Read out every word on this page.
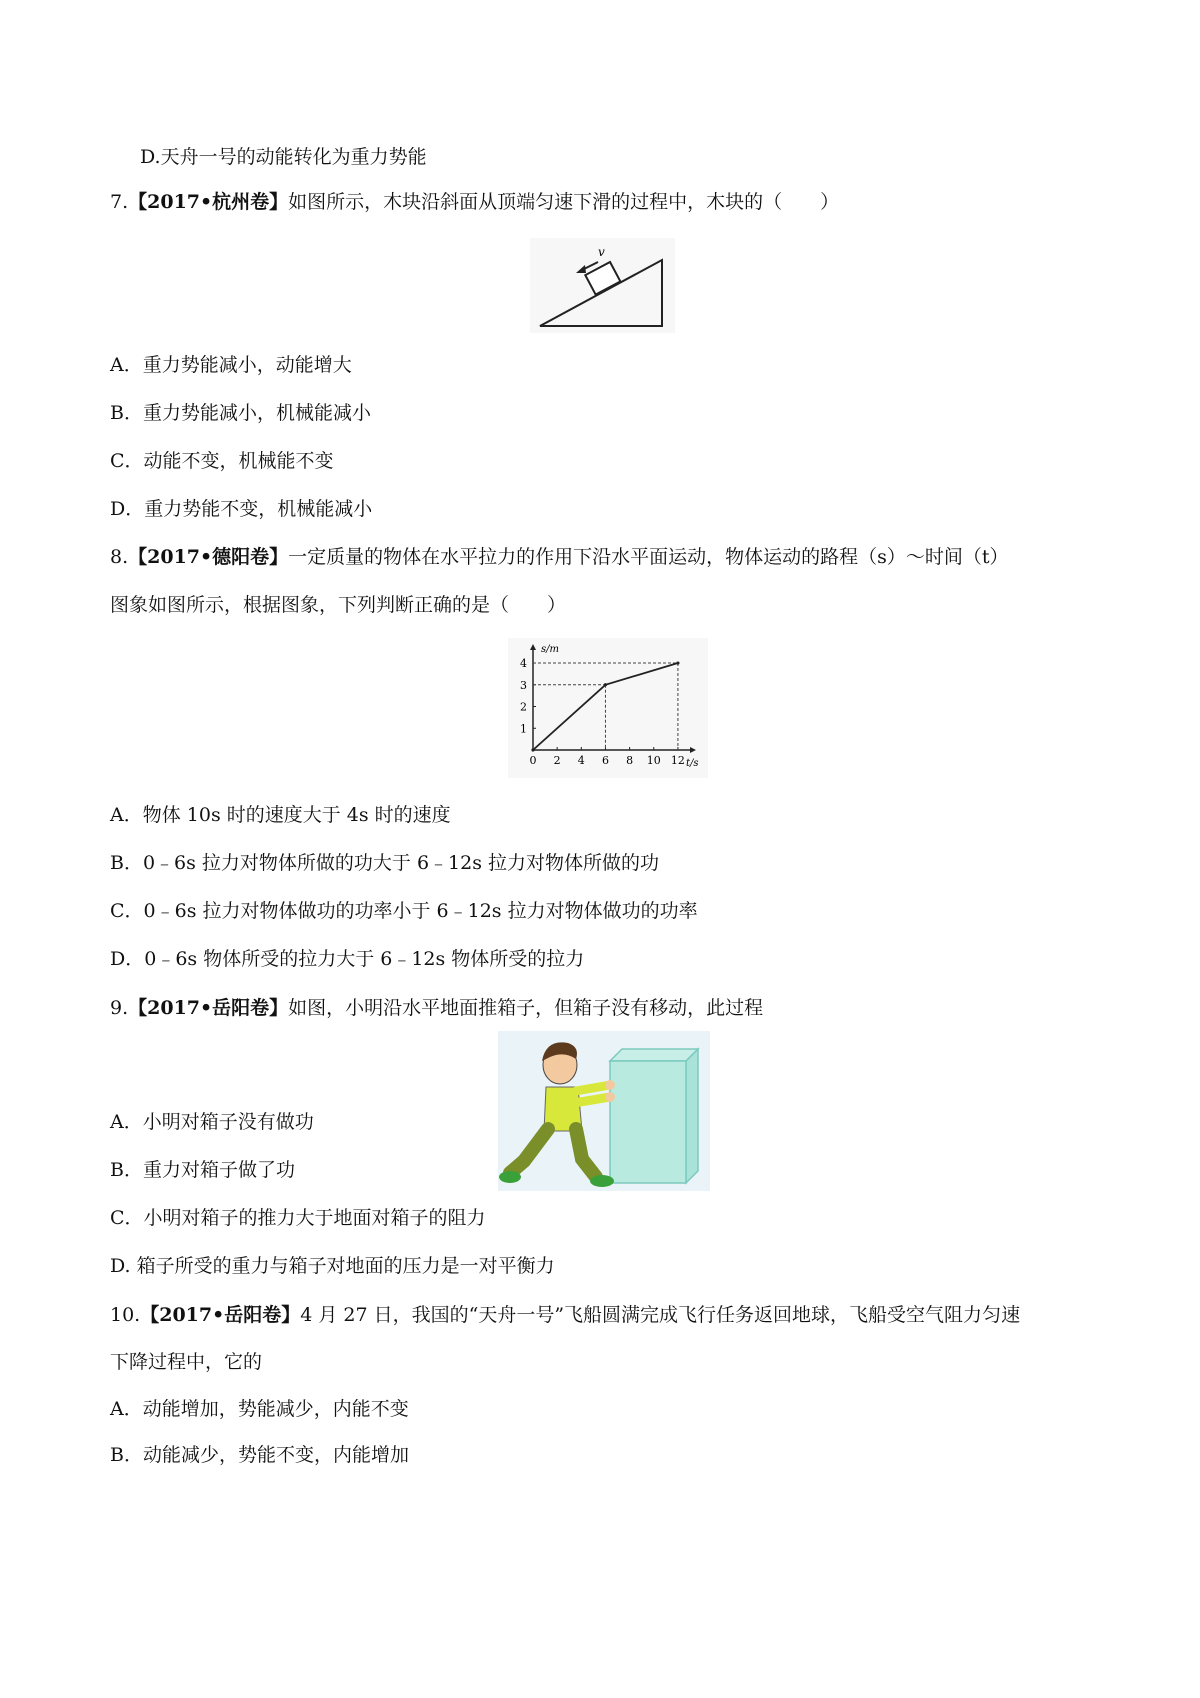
D.天舟一号的动能转化为重力势能
7.【2017•杭州卷】如图所示，木块沿斜面从顶端匀速下滑的过程中，木块的（　　）
v
A．重力势能减小，动能增大
B．重力势能减小，机械能减小
C．动能不变，机械能不变
D．重力势能不变，机械能减小
8.【2017•德阳卷】一定质量的物体在水平拉力的作用下沿水平面运动，物体运动的路程（s）～时间（t）
图象如图所示，根据图象，下列判断正确的是（　　）
s/m
t/s
0 2 4 6 8 10 12
1
2
3
4
A．物体 10s 时的速度大于 4s 时的速度
B．0﹣6s 拉力对物体所做的功大于 6﹣12s 拉力对物体所做的功
C．0﹣6s 拉力对物体做功的功率小于 6﹣12s 拉力对物体做功的功率
D．0﹣6s 物体所受的拉力大于 6﹣12s 物体所受的拉力
9.【2017•岳阳卷】如图，小明沿水平地面推箱子，但箱子没有移动，此过程
A．小明对箱子没有做功
B．重力对箱子做了功
C．小明对箱子的推力大于地面对箱子的阻力
D. 箱子所受的重力与箱子对地面的压力是一对平衡力
10.【2017•岳阳卷】4 月 27 日，我国的“天舟一号”飞船圆满完成飞行任务返回地球，飞船受空气阻力匀速
下降过程中，它的
A．动能增加，势能减少，内能不变
B．动能减少，势能不变，内能增加
